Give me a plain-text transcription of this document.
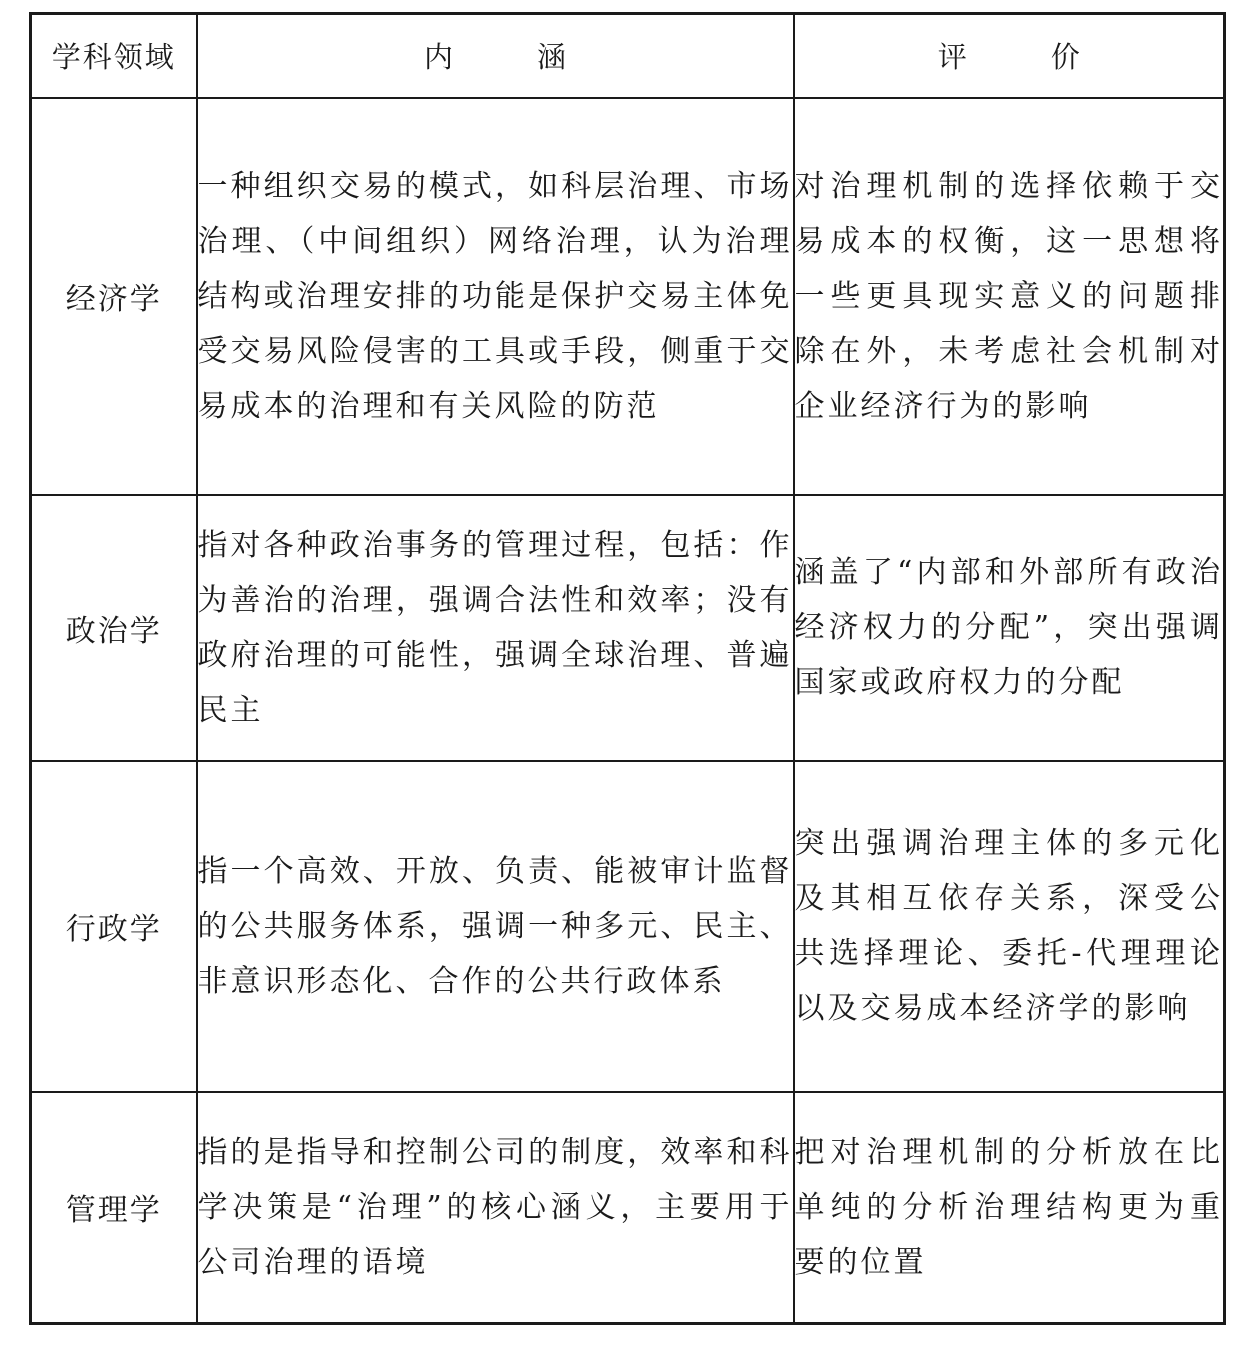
学科领域	内涵	评价
经济学	一种组织交易的模式，如科层治理、市场治理、（中间组织）网络治理，认为治理结构或治理安排的功能是保护交易主体免受交易风险侵害的工具或手段，侧重于交易成本的治理和有关风险的防范	对治理机制的选择依赖于交易成本的权衡，这一思想将一些更具现实意义的问题排除在外，未考虑社会机制对企业经济行为的影响
政治学	指对各种政治事务的管理过程，包括：作为善治的治理，强调合法性和效率；没有政府治理的可能性，强调全球治理、普遍民主	涵盖了“内部和外部所有政治经济权力的分配”，突出强调国家或政府权力的分配
行政学	指一个高效、开放、负责、能被审计监督的公共服务体系，强调一种多元、民主、非意识形态化、合作的公共行政体系	突出强调治理主体的多元化及其相互依存关系，深受公共选择理论、委托-代理理论以及交易成本经济学的影响
管理学	指的是指导和控制公司的制度，效率和科学决策是“治理”的核心涵义，主要用于公司治理的语境	把对治理机制的分析放在比单纯的分析治理结构更为重要的位置
